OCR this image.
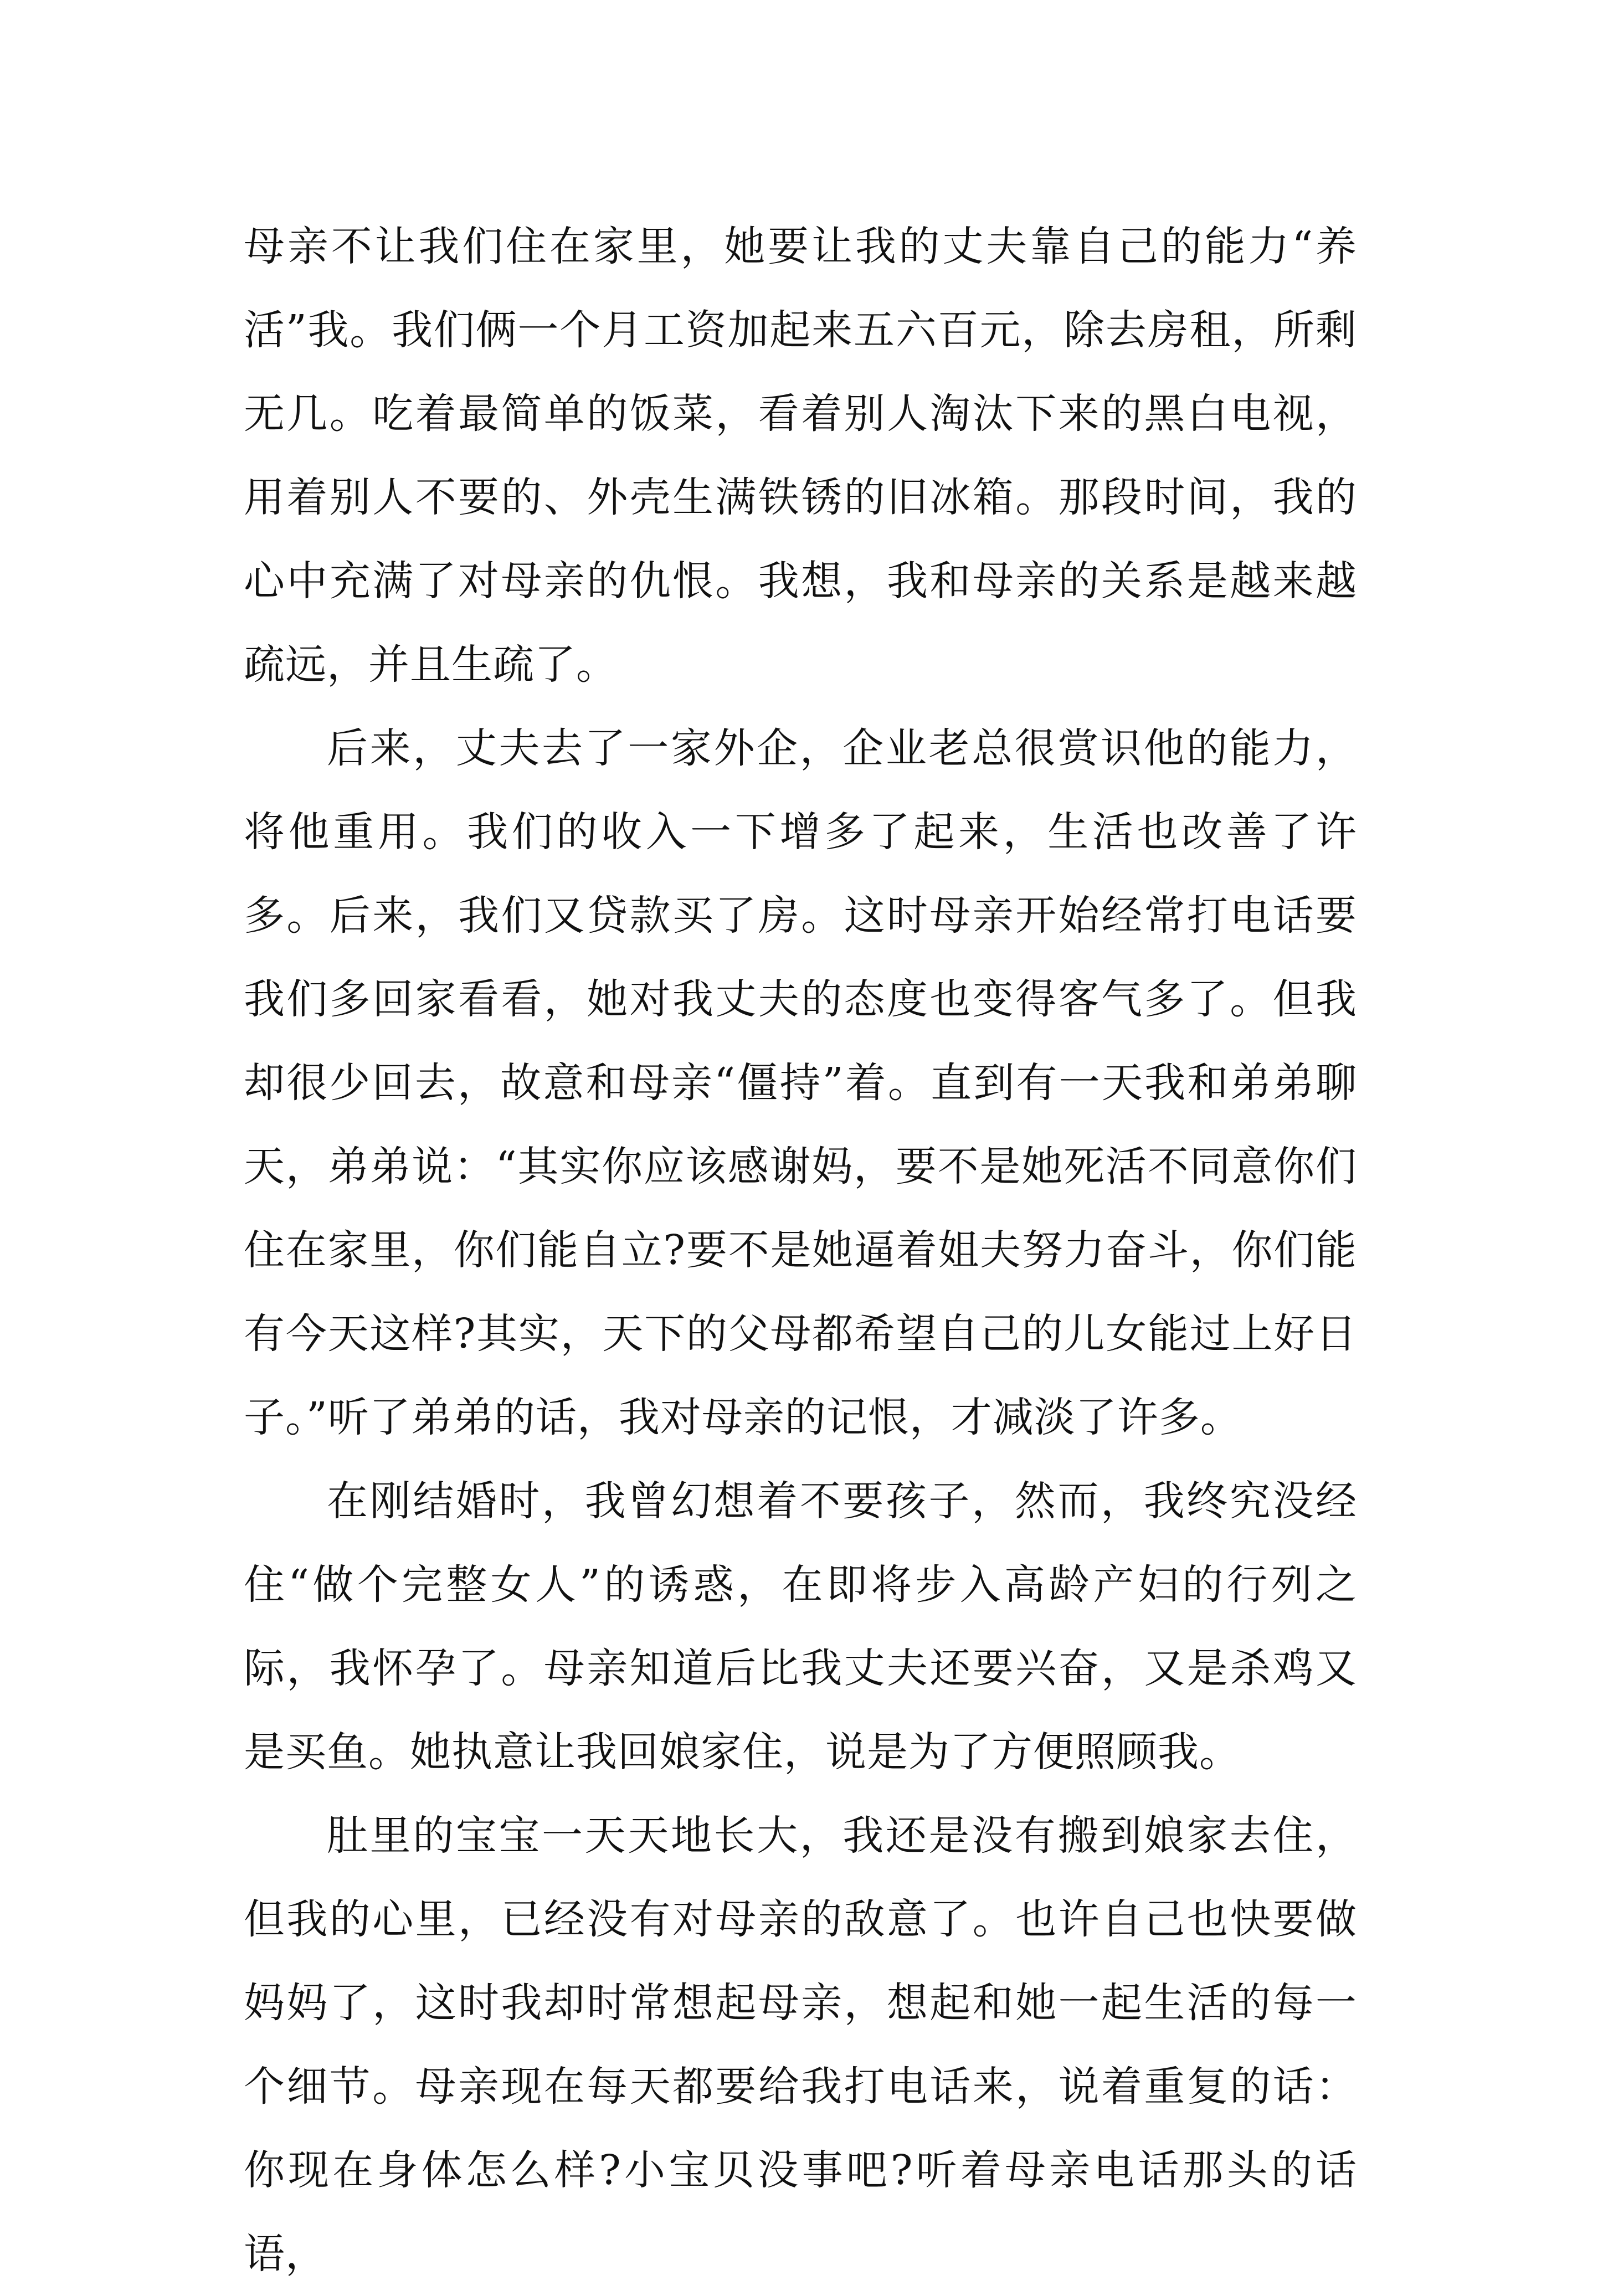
母亲不让我们住在家里，她要让我的丈夫靠自己的能力“养活”我。我们俩一个月工资加起来五六百元，除去房租，所剩无几。吃着最简单的饭菜，看着别人淘汰下来的黑白电视，用着别人不要的、外壳生满铁锈的旧冰箱。那段时间，我的心中充满了对母亲的仇恨。我想，我和母亲的关系是越来越疏远，并且生疏了。

后来，丈夫去了一家外企，企业老总很赏识他的能力，将他重用。我们的收入一下增多了起来，生活也改善了许多。后来，我们又贷款买了房。这时母亲开始经常打电话要我们多回家看看，她对我丈夫的态度也变得客气多了。但我却很少回去，故意和母亲“僵持”着。直到有一天我和弟弟聊天，弟弟说：“其实你应该感谢妈，要不是她死活不同意你们住在家里，你们能自立?要不是她逼着姐夫努力奋斗，你们能有今天这样?其实，天下的父母都希望自己的儿女能过上好日子。”听了弟弟的话，我对母亲的记恨，才减淡了许多。

在刚结婚时，我曾幻想着不要孩子，然而，我终究没经住“做个完整女人”的诱惑，在即将步入高龄产妇的行列之际，我怀孕了。母亲知道后比我丈夫还要兴奋，又是杀鸡又是买鱼。她执意让我回娘家住，说是为了方便照顾我。

肚里的宝宝一天天地长大，我还是没有搬到娘家去住，但我的心里，已经没有对母亲的敌意了。也许自己也快要做妈妈了，这时我却时常想起母亲，想起和她一起生活的每一个细节。母亲现在每天都要给我打电话来，说着重复的话：你现在身体怎么样?小宝贝没事吧?听着母亲电话那头的话语，
